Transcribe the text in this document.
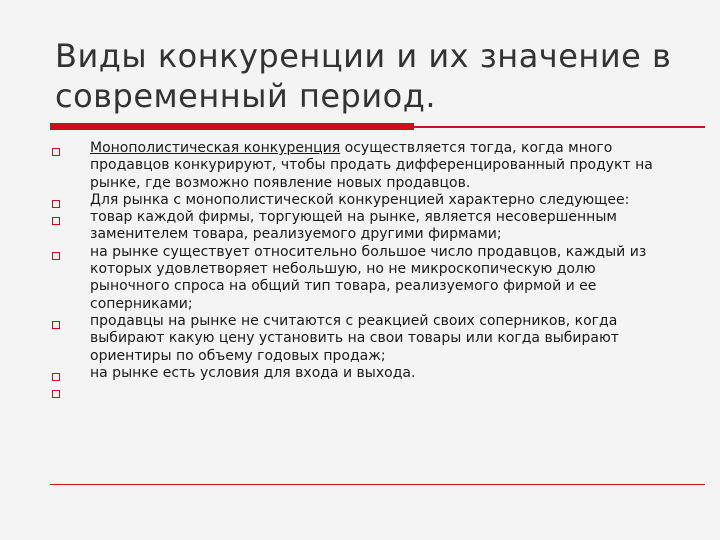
Виды конкуренции и их значение в современный период.
Монополистическая конкуренция осуществляется тогда, когда много продавцов конкурируют, чтобы продать дифференцированный продукт на рынке, где возможно появление новых продавцов.
Для рынка с монополистической конкуренцией характерно следующее:
товар каждой фирмы, торгующей на рынке, является несовершенным заменителем товара, реализуемого другими фирмами;
на рынке существует относительно большое число продавцов, каждый из которых удовлетворяет небольшую, но не микроскопическую долю рыночного спроса на общий тип товара, реализуемого фирмой и ее соперниками;
продавцы на рынке не считаются с реакцией своих соперников, когда выбирают какую цену установить на свои товары или когда выбирают ориентиры по объему годовых продаж;
на рынке есть условия для входа и выхода.
